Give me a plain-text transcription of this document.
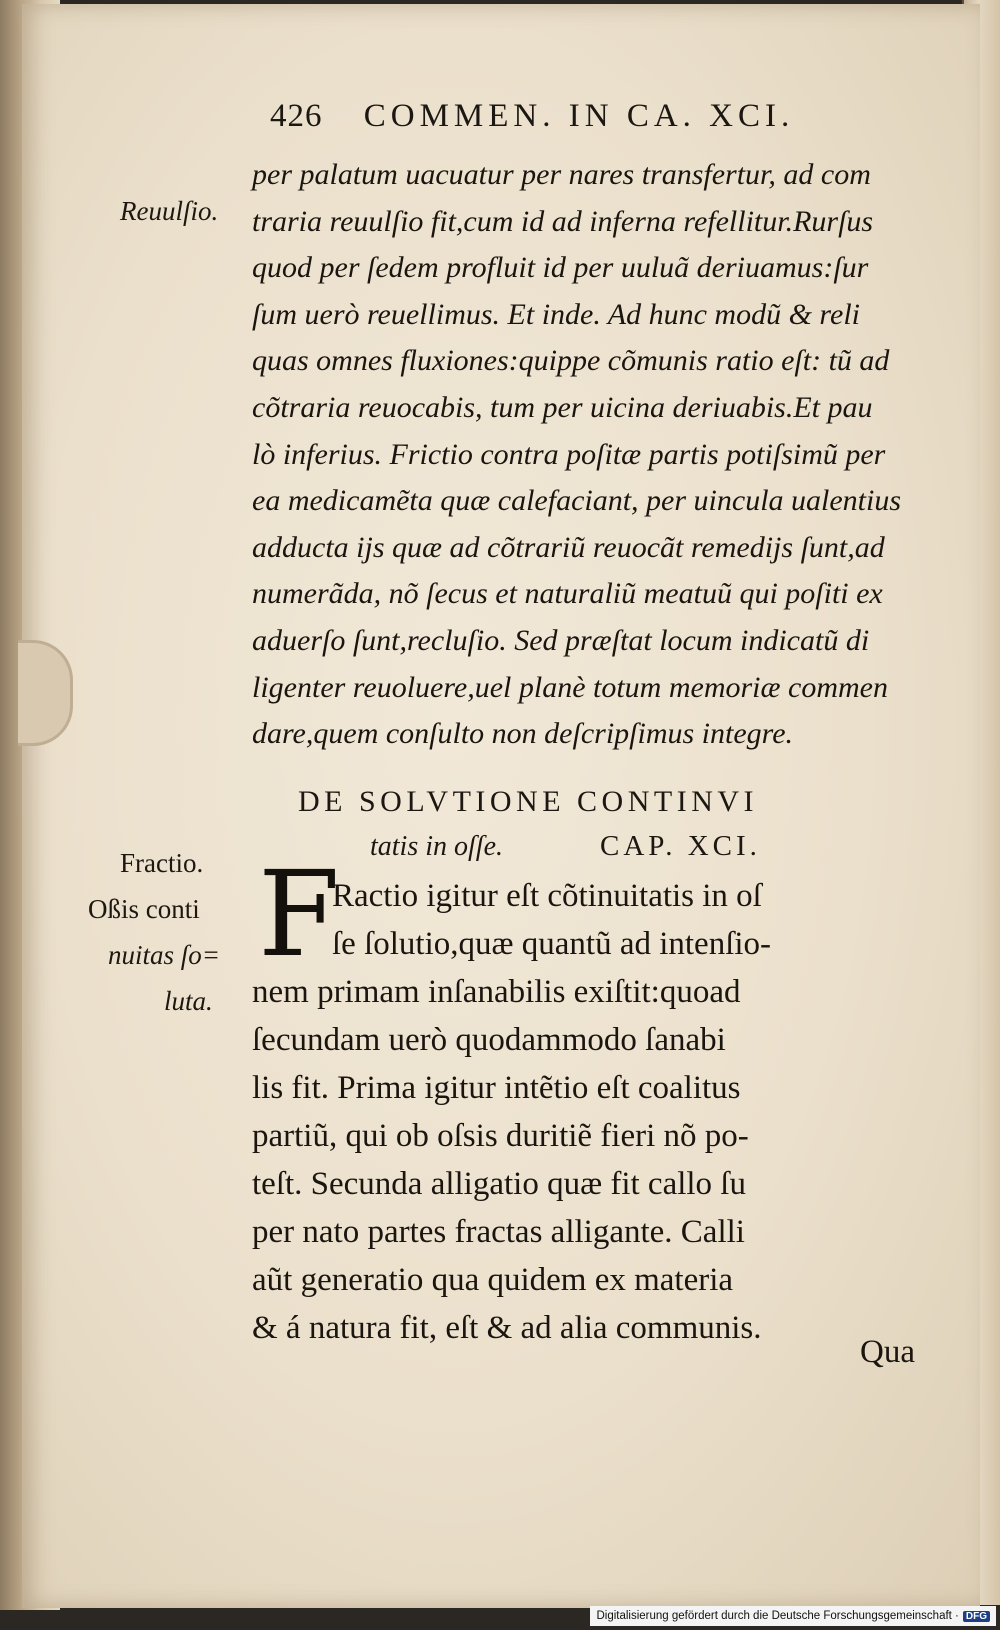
426 COMMEN. IN CA. XCI.
Reuulſio.
per palatum uacuatur per nares transfertur, ad com
traria reuulſio fit,cum id ad inferna refellitur.Rurſus
quod per ſedem profluit id per uuluã deriuamus:ſur
ſum uerò reuellimus. Et inde. Ad hunc modũ & reli
quas omnes fluxiones:quippe cõmunis ratio eſt: tũ ad
cõtraria reuocabis, tum per uicina deriuabis.Et pau
lò inferius. Frictio contra poſitæ partis potiſsimũ per
ea medicamẽta quæ calefaciant, per uincula ualentius
adducta ijs quæ ad cõtrariũ reuocãt remedijs ſunt,ad
numerãda, nõ ſecus et naturaliũ meatuũ qui poſiti ex
aduerſo ſunt,recluſio. Sed præſtat locum indicatũ di
ligenter reuoluere,uel planè totum memoriæ commen
dare,quem conſulto non deſcripſimus integre.
DE SOLVTIONE CONTINVI
tatis in oſſe.	CAP. XCI.
Fractio.
Oßis conti
nuitas ſo=
luta.
F
Ractio igitur eſt cõtinuitatis in oſ
ſe ſolutio,quæ quantũ ad intenſio-
nem primam inſanabilis exiſtit:quoad
ſecundam uerò quodammodo ſanabi
lis fit. Prima igitur intẽtio eſt coalitus
partiũ, qui ob oſsis duritiẽ fieri nõ po-
teſt. Secunda alligatio quæ fit callo ſu
per nato partes fractas alligante. Calli
aũt generatio qua quidem ex materia
& á natura fit, eſt & ad alia communis.
Qua
Digitalisierung gefördert durch die Deutsche Forschungsgemeinschaft · DFG
